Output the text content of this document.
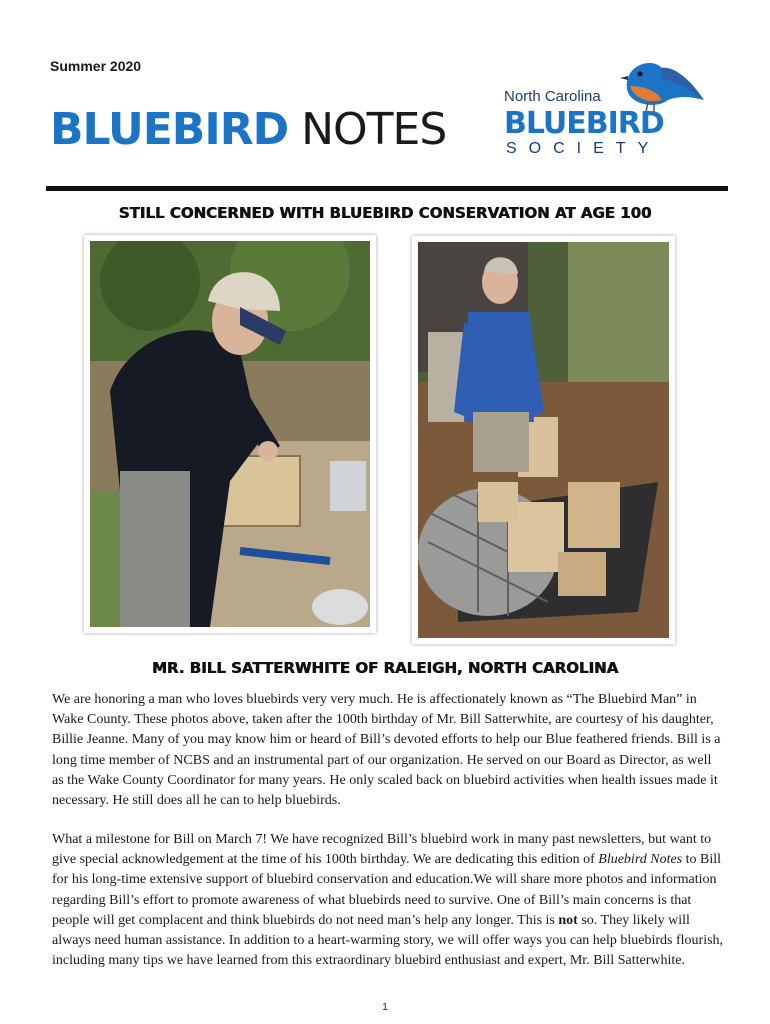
Summer 2020
BLUEBIRD NOTES
North Carolina
BLUEBIRD
SOCIETY
STILL CONCERNED WITH BLUEBIRD CONSERVATION AT AGE 100
MR. BILL SATTERWHITE OF RALEIGH, NORTH CAROLINA
We are honoring a man who loves bluebirds very very much. He is affectionately known as “The Bluebird Man” in Wake County. These photos above, taken after the 100th birthday of Mr. Bill Satterwhite, are courtesy of his daughter, Billie Jeanne. Many of you may know him or heard of Bill’s devoted efforts to help our Blue feathered friends. Bill is a long time member of NCBS and an instrumental part of our organization. He served on our Board as Director, as well as the Wake County Coordinator for many years. He only scaled back on bluebird activities when health issues made it necessary. He still does all he can to help bluebirds.
What a milestone for Bill on March 7! We have recognized Bill’s bluebird work in many past newsletters, but want to give special acknowledgement at the time of his 100th birthday. We are dedicating this edition of Bluebird Notes to Bill for his long-time extensive support of bluebird conservation and education.We will share more photos and information regarding Bill’s effort to promote awareness of what bluebirds need to survive. One of Bill’s main concerns is that people will get complacent and think bluebirds do not need man’s help any longer. This is not so. They likely will always need human assistance. In addition to a heart-warming story, we will offer ways you can help bluebirds flourish, including many tips we have learned from this extraordinary bluebird enthusiast and expert, Mr. Bill Satterwhite.
1
